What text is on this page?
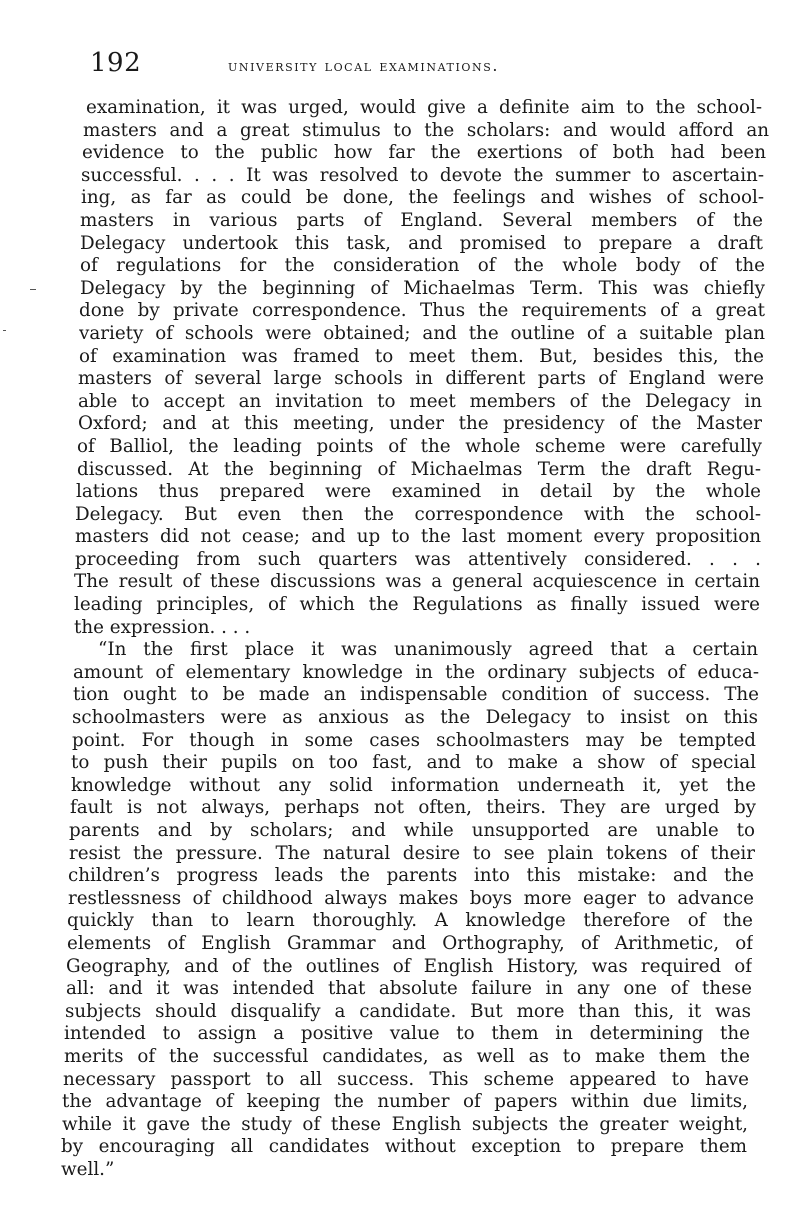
192	university local examinations.
examination, it was urged, would give a definite aim to the school-
masters and a great stimulus to the scholars: and would afford an
evidence to the public how far the exertions of both had been
successful. . . . It was resolved to devote the summer to ascertain-
ing, as far as could be done, the feelings and wishes of school-
masters in various parts of England. Several members of the
Delegacy undertook this task, and promised to prepare a draft
of regulations for the consideration of the whole body of the
Delegacy by the beginning of Michaelmas Term. This was chiefly
done by private correspondence. Thus the requirements of a great
variety of schools were obtained; and the outline of a suitable plan
of examination was framed to meet them. But, besides this, the
masters of several large schools in different parts of England were
able to accept an invitation to meet members of the Delegacy in
Oxford; and at this meeting, under the presidency of the Master
of Balliol, the leading points of the whole scheme were carefully
discussed. At the beginning of Michaelmas Term the draft Regu-
lations thus prepared were examined in detail by the whole
Delegacy. But even then the correspondence with the school-
masters did not cease; and up to the last moment every proposition
proceeding from such quarters was attentively considered. . . .
The result of these discussions was a general acquiescence in certain
leading principles, of which the Regulations as finally issued were
the expression. . . .
“In the first place it was unanimously agreed that a certain
amount of elementary knowledge in the ordinary subjects of educa-
tion ought to be made an indispensable condition of success. The
schoolmasters were as anxious as the Delegacy to insist on this
point. For though in some cases schoolmasters may be tempted
to push their pupils on too fast, and to make a show of special
knowledge without any solid information underneath it, yet the
fault is not always, perhaps not often, theirs. They are urged by
parents and by scholars; and while unsupported are unable to
resist the pressure. The natural desire to see plain tokens of their
children’s progress leads the parents into this mistake: and the
restlessness of childhood always makes boys more eager to advance
quickly than to learn thoroughly. A knowledge therefore of the
elements of English Grammar and Orthography, of Arithmetic, of
Geography, and of the outlines of English History, was required of
all: and it was intended that absolute failure in any one of these
subjects should disqualify a candidate. But more than this, it was
intended to assign a positive value to them in determining the
merits of the successful candidates, as well as to make them the
necessary passport to all success. This scheme appeared to have
the advantage of keeping the number of papers within due limits,
while it gave the study of these English subjects the greater weight,
by encouraging all candidates without exception to prepare them
well.”
